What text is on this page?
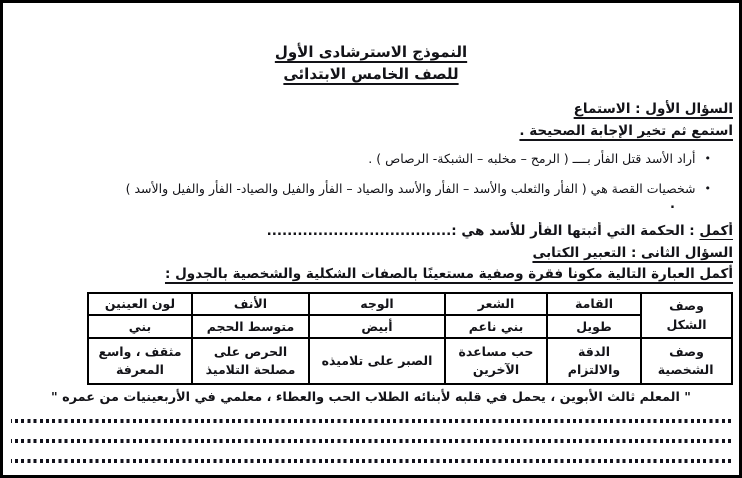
النموذج الاسترشادى الأول
للصف الخامس الابتدائى
السؤال الأول : الاستماع
استمع ثم تخير الإجابة الصحيحة .
•أراد الأسد قتل الفأر بــــ ( الرمح – مخلبه – الشبكة- الرصاص ) .
•شخصيات القصة هي ( الفأر والثعلب والأسد – الفأر والأسد والصياد – الفأر والفيل والصياد- الفأر والفيل والأسد )
.
أكمل : الحكمة التي أثبتها الفأر للأسد هي :....................................
السؤال الثانى : التعبير الكتابى
أكمل العبارة التالية مكونا فقرة وصفية مستعينًا بالصفات الشكلية والشخصية بالجدول :
وصف الشكل	القامة	الشعر	الوجه	الأنف	لون العينين
	طويل	بني ناعم	أبيض	متوسط الحجم	بني
وصف الشخصية	الدقة والالتزام	حب مساعدة الآخرين	الصبر على تلاميذه	الحرص على مصلحة التلاميذ	مثقف ، واسع المعرفة
" المعلم ثالث الأبوين ، يحمل في قلبه لأبنائه الطلاب الحب والعطاء ، معلمي في الأربعينيات من عمره "
